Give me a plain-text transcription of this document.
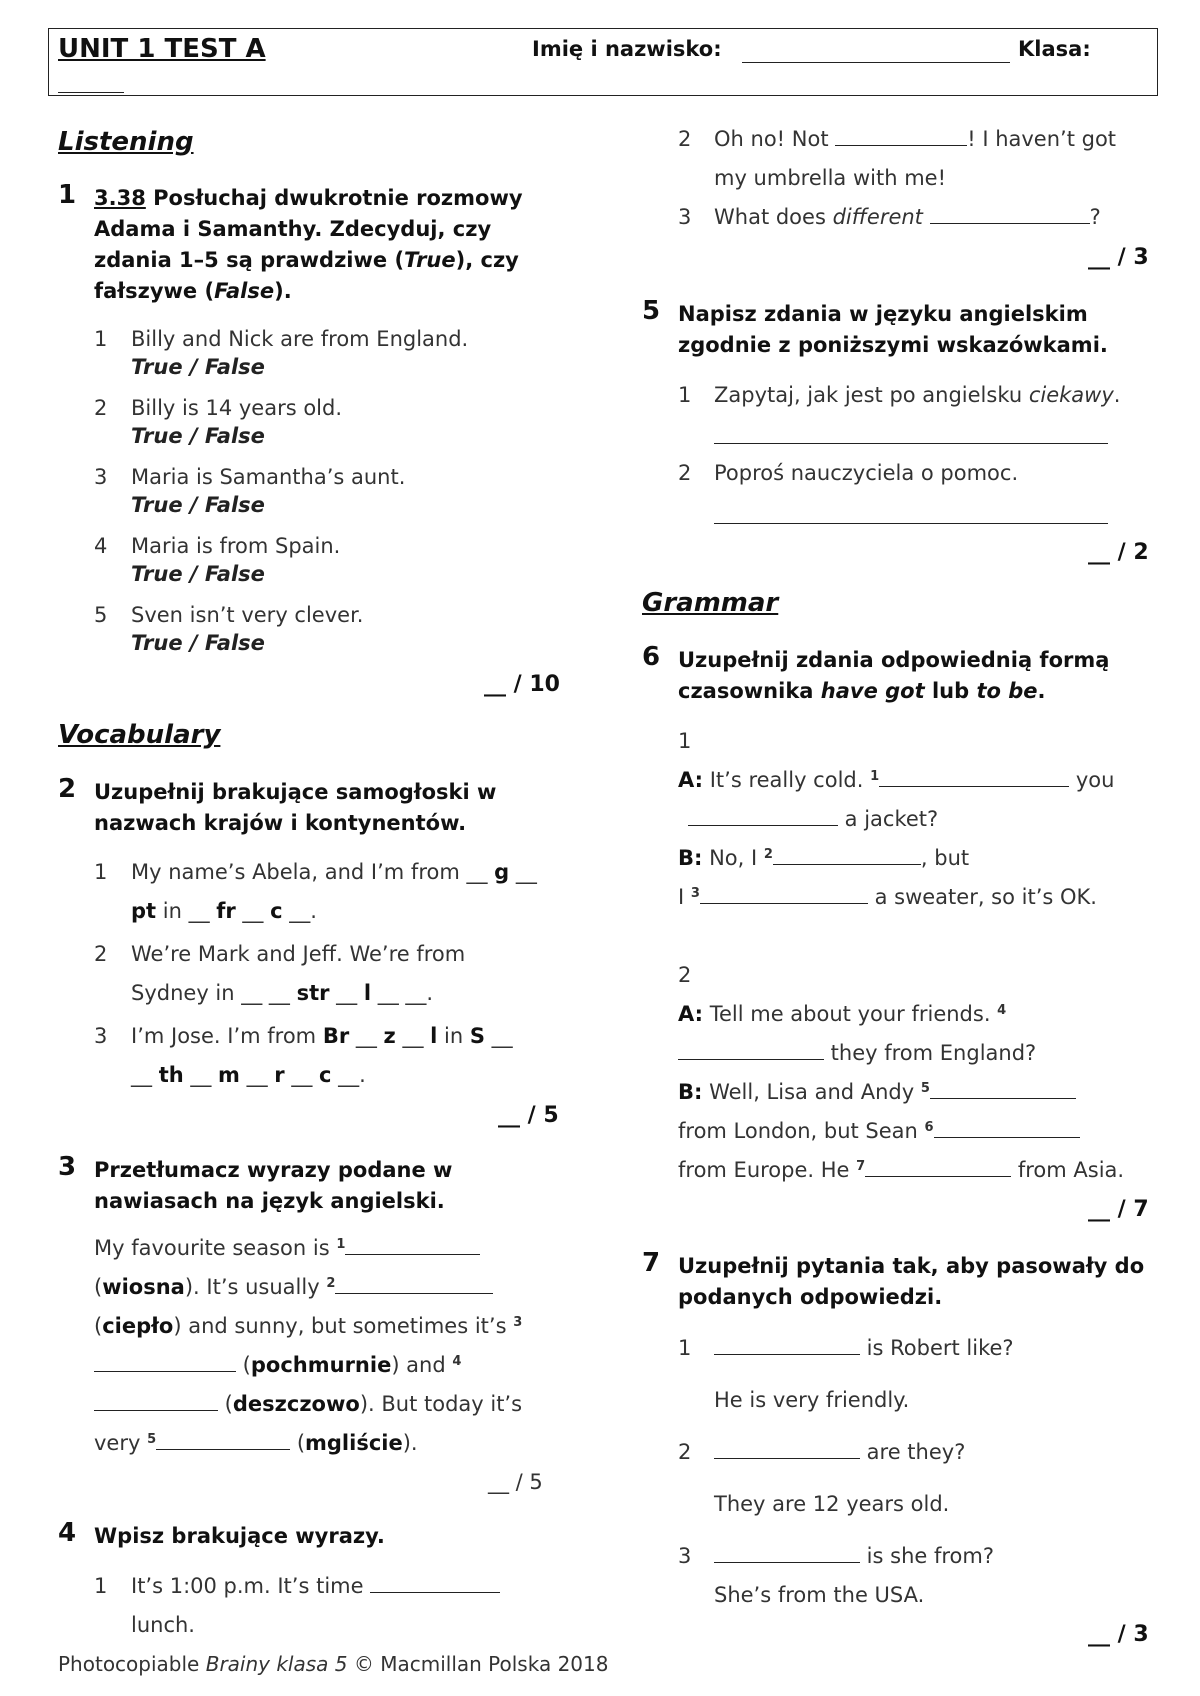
UNIT 1 TEST A	Imię i nazwisko:	Klasa:
Listening
1 3.38 Posłuchaj dwukrotnie rozmowy Adama i Samanthy. Zdecyduj, czy zdania 1–5 są prawdziwe (True), czy fałszywe (False).
1 Billy and Nick are from England.
True / False
2 Billy is 14 years old.
True / False
3 Maria is Samantha’s aunt.
True / False
4 Maria is from Spain.
True / False
5 Sven isn’t very clever.
True / False
__ / 10
Vocabulary
2 Uzupełnij brakujące samogłoski w nazwach krajów i kontynentów.
1 My name’s Abela, and I’m from __ g __
pt in __ fr __ c __.
2 We’re Mark and Jeff. We’re from
Sydney in __ __ str __ l __ __.
3 I’m Jose. I’m from Br __ z __ l in S __
__ th __ m __ r __ c __.
__ / 5
3 Przetłumacz wyrazy podane w nawiasach na język angielski.
My favourite season is $^1$
(wiosna). It’s usually $^2$
(ciepło) and sunny, but sometimes it’s $^3$
(pochmurnie) and $^4$
(deszczowo). But today it’s
very $^5$	(mgliście).
__ / 5
4 Wpisz brakujące wyrazy.
1 It’s 1:00 p.m. It’s time
lunch.
Photocopiable Brainy klasa 5 © Macmillan Polska 2018
2 Oh no! Not	! I haven’t got
my umbrella with me!
3 What does different	?
__ / 3
5 Napisz zdania w języku angielskim zgodnie z poniższymi wskazówkami.
1 Zapytaj, jak jest po angielsku ciekawy.
2 Poproś nauczyciela o pomoc.
__ / 2
Grammar
6 Uzupełnij zdania odpowiednią formą czasownika have got lub to be.
1
A: It’s really cold. $^1$	you
a jacket?
B: No, I $^2$	, but
I $^3$	a sweater, so it’s OK.
2
A: Tell me about your friends. $^4$
they from England?
B: Well, Lisa and Andy $^5$
from London, but Sean $^6$
from Europe. He $^7$	from Asia.
__ / 7
7 Uzupełnij pytania tak, aby pasowały do podanych odpowiedzi.
1	is Robert like?
He is very friendly.
2	are they?
They are 12 years old.
3	is she from?
She’s from the USA.
__ / 3
